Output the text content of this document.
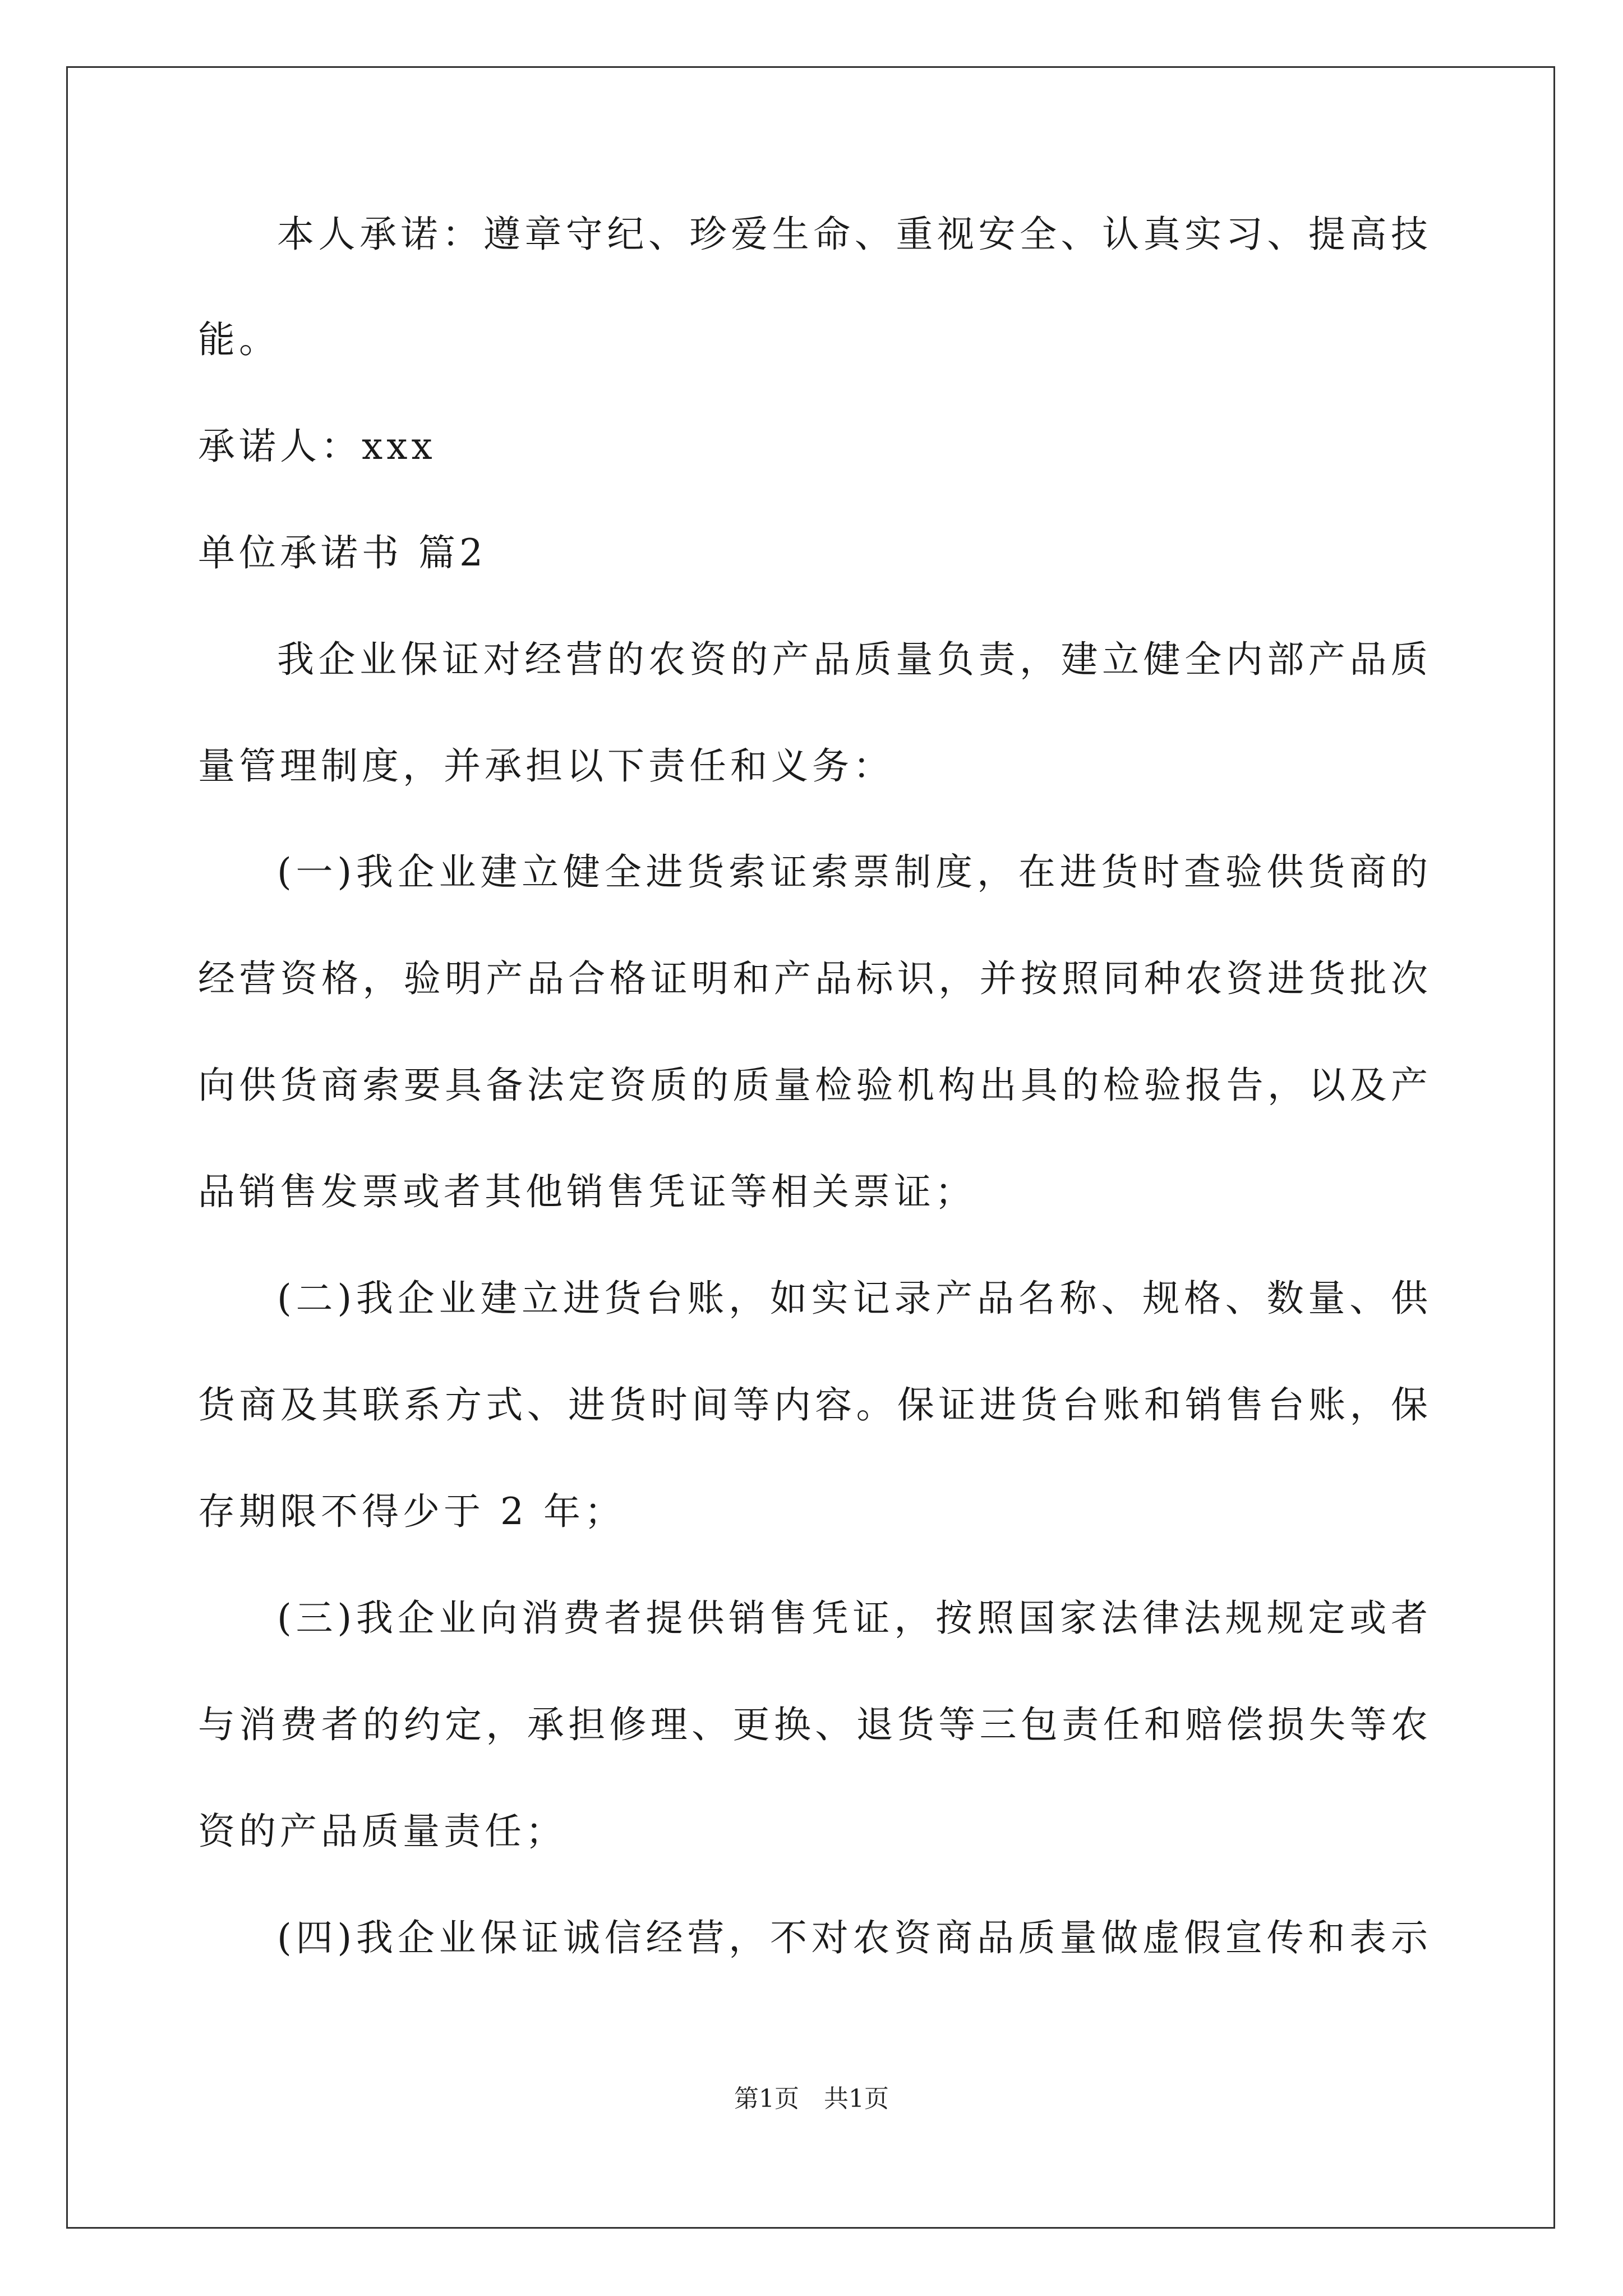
本人承诺：遵章守纪、珍爱生命、重视安全、认真实习、提高技
能。
承诺人：xxx
单位承诺书 篇2
我企业保证对经营的农资的产品质量负责，建立健全内部产品质
量管理制度，并承担以下责任和义务：
(一)我企业建立健全进货索证索票制度，在进货时查验供货商的
经营资格，验明产品合格证明和产品标识，并按照同种农资进货批次
向供货商索要具备法定资质的质量检验机构出具的检验报告，以及产
品销售发票或者其他销售凭证等相关票证；
(二)我企业建立进货台账，如实记录产品名称、规格、数量、供
货商及其联系方式、进货时间等内容。保证进货台账和销售台账，保
存期限不得少于 2 年；
(三)我企业向消费者提供销售凭证，按照国家法律法规规定或者
与消费者的约定，承担修理、更换、退货等三包责任和赔偿损失等农
资的产品质量责任；
(四)我企业保证诚信经营，不对农资商品质量做虚假宣传和表示
第1页　共1页
